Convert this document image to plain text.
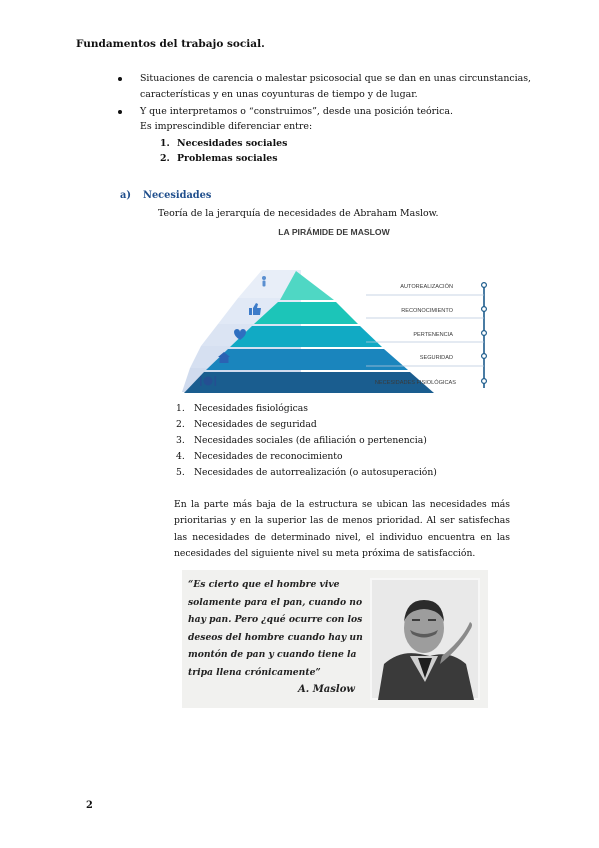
Fundamentos del trabajo social.
Situaciones de carencia o malestar psicosocial que se dan en unas circunstancias,
características y en unas coyunturas de tiempo y de lugar.
Y que interpretamos o “construimos”, desde una posición teórica.
Es imprescindible diferenciar entre:
1. Necesidades sociales
2. Problemas sociales
a) Necesidades
Teoría de la jerarquía de necesidades de Abraham Maslow.
LA PIRÁMIDE DE MASLOW
AUTOREALIZACIÓN
RECONOCIMIENTO
PERTENENCIA
SEGURIDAD
NECESIDADES FISIOLÓGICAS
1. Necesidades fisiológicas
2. Necesidades de seguridad
3. Necesidades sociales (de afiliación o pertenencia)
4. Necesidades de reconocimiento
5. Necesidades de autorrealización (o autosuperación)
En la parte más baja de la estructura se ubican las necesidades más prioritarias y en la superior las de menos prioridad. Al ser satisfechas las necesidades de determinado nivel, el individuo encuentra en las necesidades del siguiente nivel su meta próxima de satisfacción.
“Es cierto que el hombre vive
solamente para el pan, cuando no
hay pan. Pero ¿qué ocurre con los
deseos del hombre cuando hay un
montón de pan y cuando tiene la
tripa llena crónicamente”
A. Maslow
2
